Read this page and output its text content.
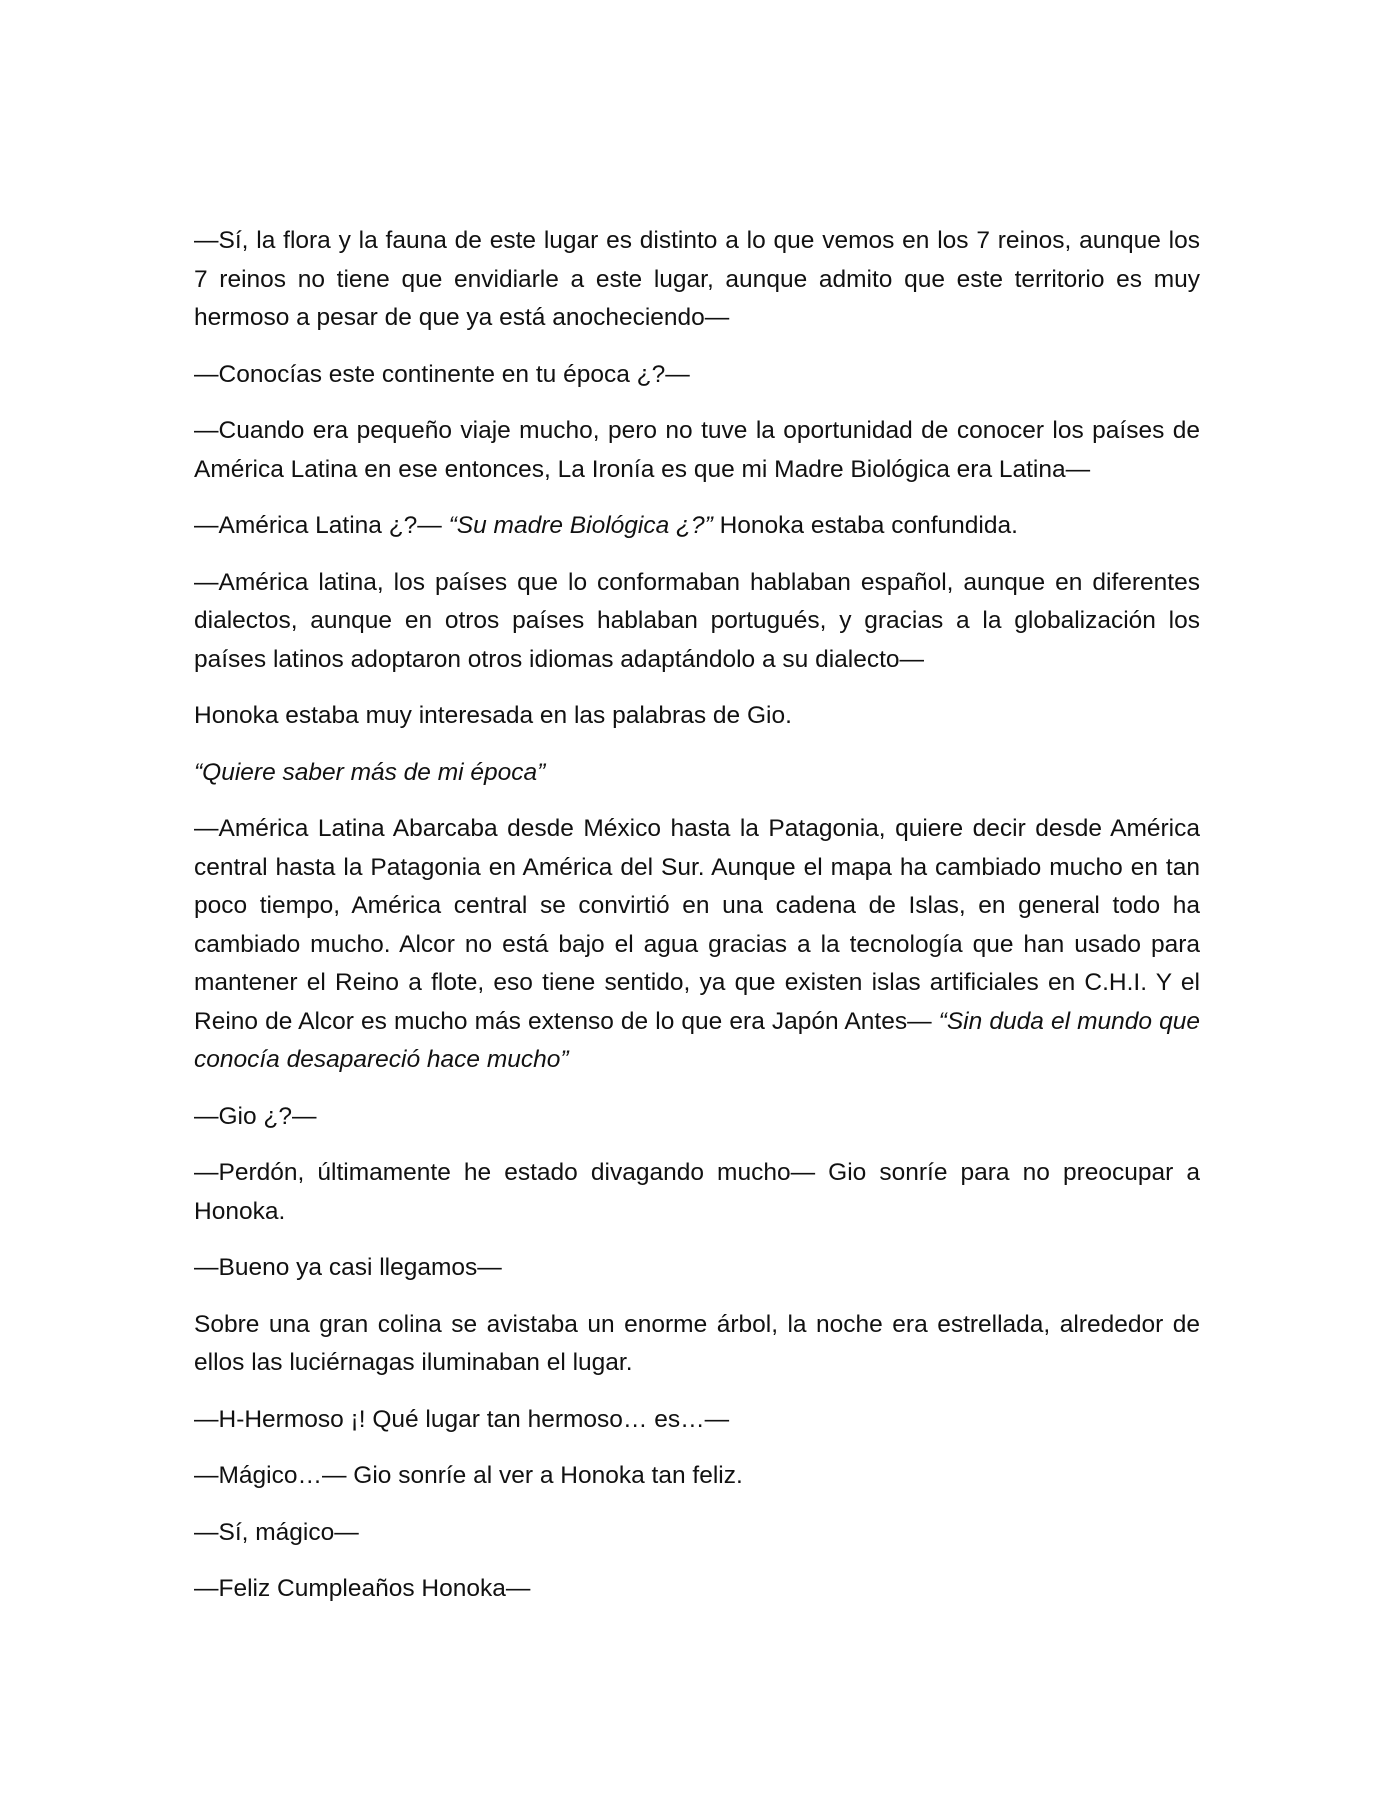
—Sí, la flora y la fauna de este lugar es distinto a lo que vemos en los 7 reinos, aunque los 7 reinos no tiene que envidiarle a este lugar, aunque admito que este territorio es muy hermoso a pesar de que ya está anocheciendo—

—Conocías este continente en tu época ¿?—

—Cuando era pequeño viaje mucho, pero no tuve la oportunidad de conocer los países de América Latina en ese entonces, La Ironía es que mi Madre Biológica era Latina—

—América Latina ¿?— “Su madre Biológica ¿?” Honoka estaba confundida.

—América latina, los países que lo conformaban hablaban español, aunque en diferentes dialectos, aunque en otros países hablaban portugués, y gracias a la globalización los países latinos adoptaron otros idiomas adaptándolo a su dialecto—

Honoka estaba muy interesada en las palabras de Gio.

“Quiere saber más de mi época”

—América Latina Abarcaba desde México hasta la Patagonia, quiere decir desde América central hasta la Patagonia en América del Sur. Aunque el mapa ha cambiado mucho en tan poco tiempo, América central se convirtió en una cadena de Islas, en general todo ha cambiado mucho. Alcor no está bajo el agua gracias a la tecnología que han usado para mantener el Reino a flote, eso tiene sentido, ya que existen islas artificiales en C.H.I. Y el Reino de Alcor es mucho más extenso de lo que era Japón Antes— “Sin duda el mundo que conocía desapareció hace mucho”

—Gio ¿?—

—Perdón, últimamente he estado divagando mucho— Gio sonríe para no preocupar a Honoka.

—Bueno ya casi llegamos—

Sobre una gran colina se avistaba un enorme árbol, la noche era estrellada, alrededor de ellos las luciérnagas iluminaban el lugar.

—H-Hermoso ¡! Qué lugar tan hermoso… es…—

—Mágico…— Gio sonríe al ver a Honoka tan feliz.

—Sí, mágico—

—Feliz Cumpleaños Honoka—
